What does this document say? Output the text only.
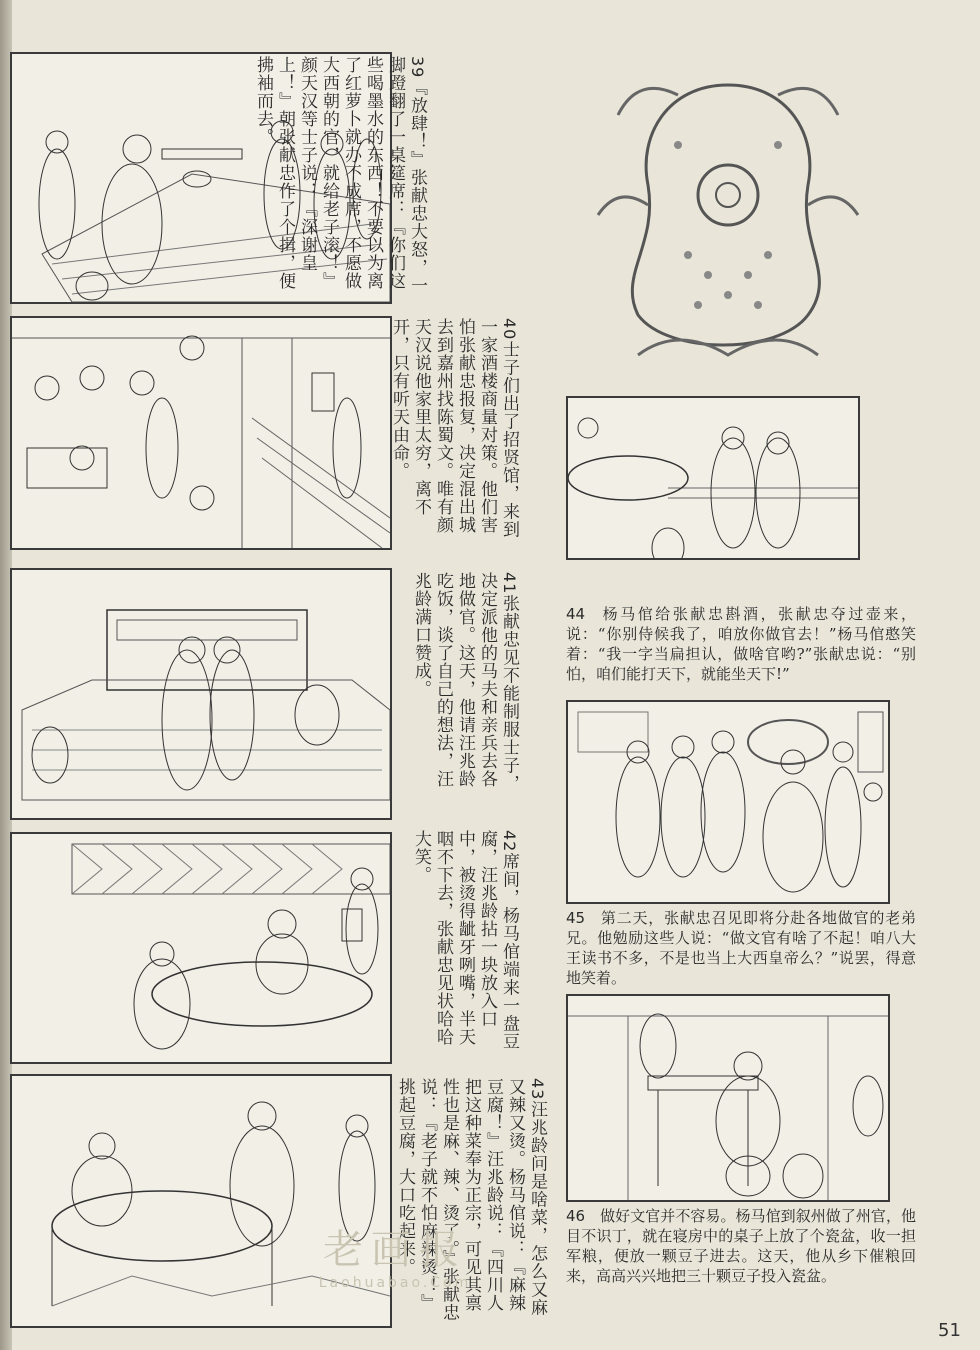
39『放肆！』张献忠大怒，一脚蹬翻了一桌筵席：『你们这些喝墨水的东西！不要以为离了红萝卜就办不成席，不愿做大西朝的官，就给老子滚！』颜天汉等士子说：『深谢皇上！』朝张献忠作了个揖，便拂袖而去。
40士子们出了招贤馆，来到一家酒楼商量对策。他们害怕张献忠报复，决定混出城去到嘉州找陈蜀文。唯有颜天汉说他家里太穷，离不开，只有听天由命。
41张献忠见不能制服士子，决定派他的马夫和亲兵去各地做官。这天，他请汪兆龄吃饭，谈了自己的想法，汪兆龄满口赞成。
42席间，杨马倌端来一盘豆腐，汪兆龄拈一块放入口中，被烫得龇牙咧嘴，半天咽不下去，张献忠见状哈哈大笑。
43汪兆龄问是啥菜，怎么又麻又辣又烫。杨马倌说：『麻辣豆腐！』汪兆龄说：『四川人把这种菜奉为正宗，可见其禀性也是麻、辣、烫了。』张献忠说：『老子就不怕麻辣烫！』挑起豆腐，大口吃起来。
44  杨马倌给张献忠斟酒，张献忠夺过壶来，说：“你别侍候我了，咱放你做官去！”杨马倌憨笑着：“我一字当扁担认，做啥官哟?”张献忠说：“别怕，咱们能打天下，就能坐天下!”
45  第二天，张献忠召见即将分赴各地做官的老弟兄。他勉励这些人说：“做文官有啥了不起！咱八大王读书不多，不是也当上大西皇帝么？”说罢，得意地笑着。
46  做好文官并不容易。杨马倌到叙州做了州官，他目不识丁，就在寝房中的桌子上放了个瓷盆，收一担军粮，便放一颗豆子进去。这天，他从乡下催粮回来，高高兴兴地把三十颗豆子投入瓷盆。
老画报
Laohuabao.Com
51
